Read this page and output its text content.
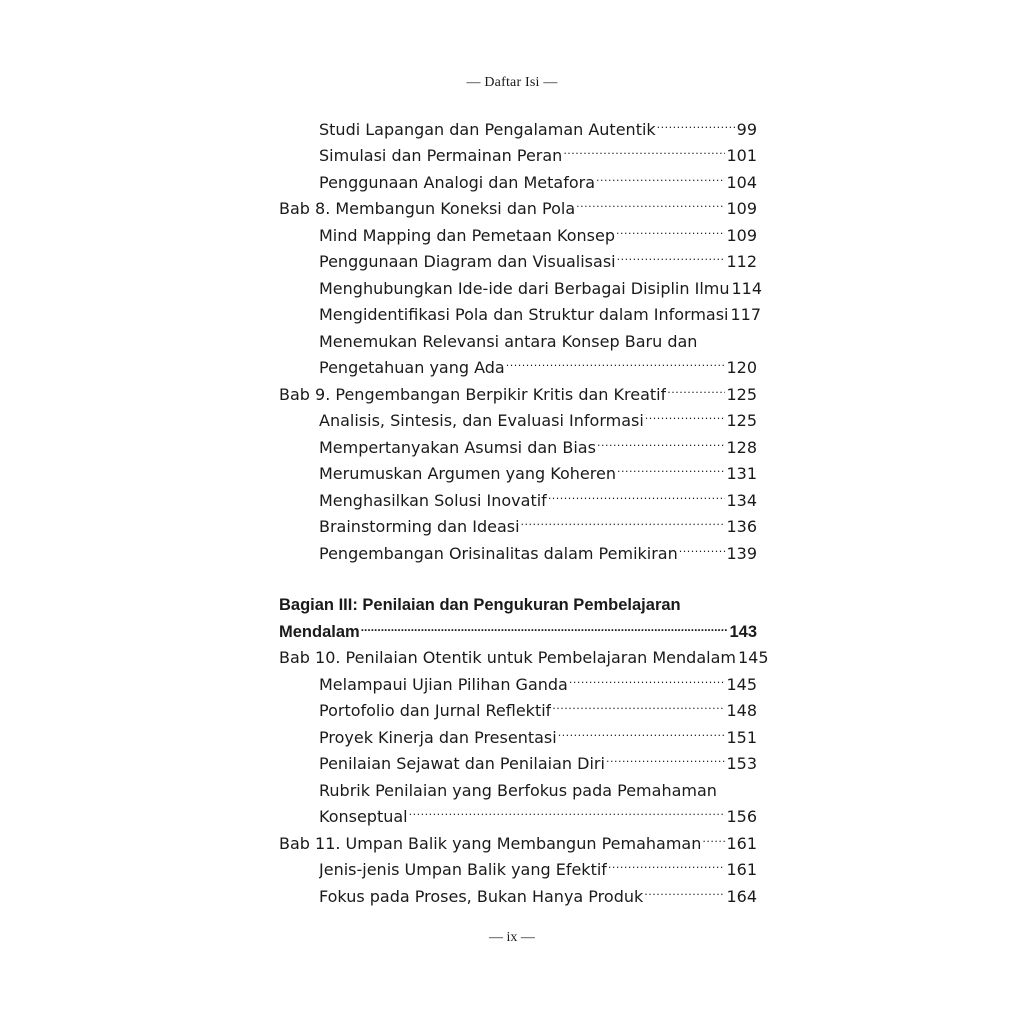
— Daftar Isi —
Studi Lapangan dan Pengalaman Autentik .....	99
Simulasi dan Permainan Peran .....	101
Penggunaan Analogi dan Metafora .....	104
Bab 8. Membangun Koneksi dan Pola .....	109
Mind Mapping dan Pemetaan Konsep .....	109
Penggunaan Diagram dan Visualisasi .....	112
Menghubungkan Ide-ide dari Berbagai Disiplin Ilmu 114
Mengidentifikasi Pola dan Struktur dalam Informasi 117
Menemukan Relevansi antara Konsep Baru dan
Pengetahuan yang Ada .....	120
Bab 9. Pengembangan Berpikir Kritis dan Kreatif .....	125
Analisis, Sintesis, dan Evaluasi Informasi .....	125
Mempertanyakan Asumsi dan Bias .....	128
Merumuskan Argumen yang Koheren .....	131
Menghasilkan Solusi Inovatif .....	134
Brainstorming dan Ideasi .....	136
Pengembangan Orisinalitas dalam Pemikiran .....	139
Bagian III: Penilaian dan Pengukuran Pembelajaran
Mendalam .....	143
Bab 10. Penilaian Otentik untuk Pembelajaran Mendalam 145
Melampaui Ujian Pilihan Ganda .....	145
Portofolio dan Jurnal Reflektif .....	148
Proyek Kinerja dan Presentasi .....	151
Penilaian Sejawat dan Penilaian Diri .....	153
Rubrik Penilaian yang Berfokus pada Pemahaman
Konseptual .....	156
Bab 11. Umpan Balik yang Membangun Pemahaman ..... 161
Jenis-jenis Umpan Balik yang Efektif .....	161
Fokus pada Proses, Bukan Hanya Produk .....	164
— ix —
